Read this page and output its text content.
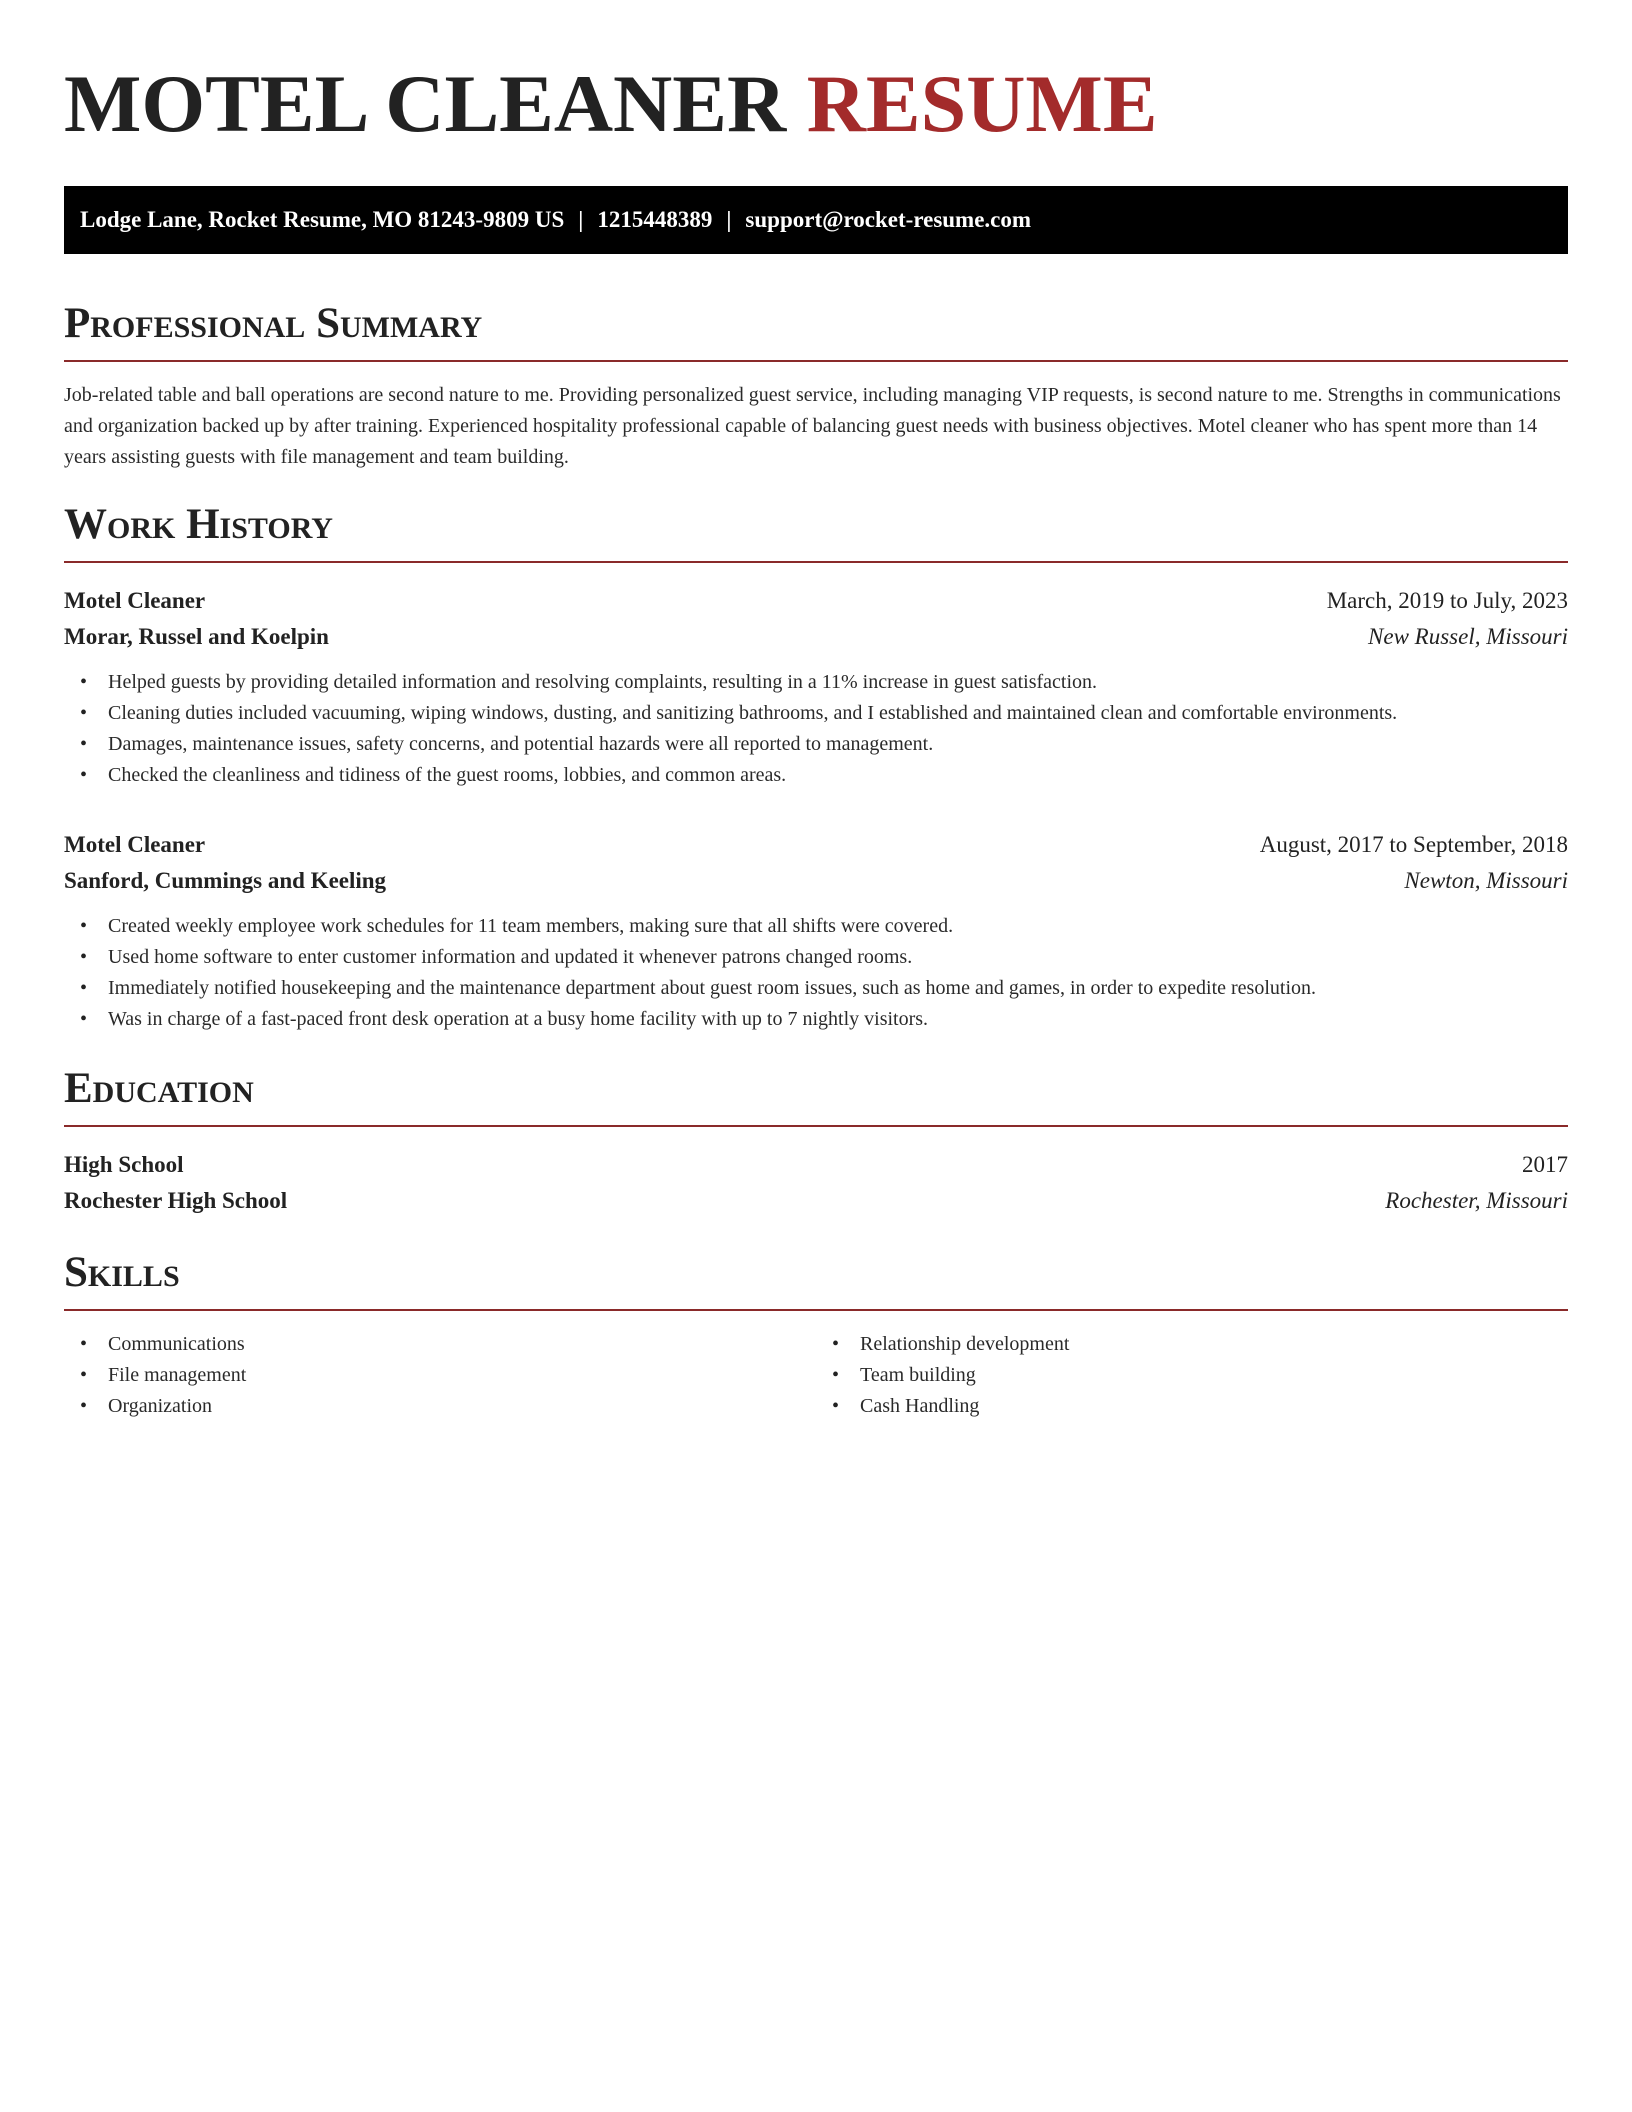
MOTEL CLEANER RESUME
Lodge Lane, Rocket Resume, MO 81243-9809 US | 1215448389 | support@rocket-resume.com
Professional Summary

Job-related table and ball operations are second nature to me. Providing personalized guest service, including managing VIP requests, is second nature to me. Strengths in communications and organization backed up by after training. Experienced hospitality professional capable of balancing guest needs with business objectives. Motel cleaner who has spent more than 14 years assisting guests with file management and team building.

Work History
Motel Cleaner	March, 2019 to July, 2023
Morar, Russel and Koelpin	New Russel, Missouri
• Helped guests by providing detailed information and resolving complaints, resulting in a 11% increase in guest satisfaction.
• Cleaning duties included vacuuming, wiping windows, dusting, and sanitizing bathrooms, and I established and maintained clean and comfortable environments.
• Damages, maintenance issues, safety concerns, and potential hazards were all reported to management.
• Checked the cleanliness and tidiness of the guest rooms, lobbies, and common areas.
Motel Cleaner	August, 2017 to September, 2018
Sanford, Cummings and Keeling	Newton, Missouri
• Created weekly employee work schedules for 11 team members, making sure that all shifts were covered.
• Used home software to enter customer information and updated it whenever patrons changed rooms.
• Immediately notified housekeeping and the maintenance department about guest room issues, such as home and games, in order to expedite resolution.
• Was in charge of a fast-paced front desk operation at a busy home facility with up to 7 nightly visitors.
Education
High School	2017
Rochester High School	Rochester, Missouri
Skills
• Communications
• File management
• Organization
• Relationship development
• Team building
• Cash Handling
